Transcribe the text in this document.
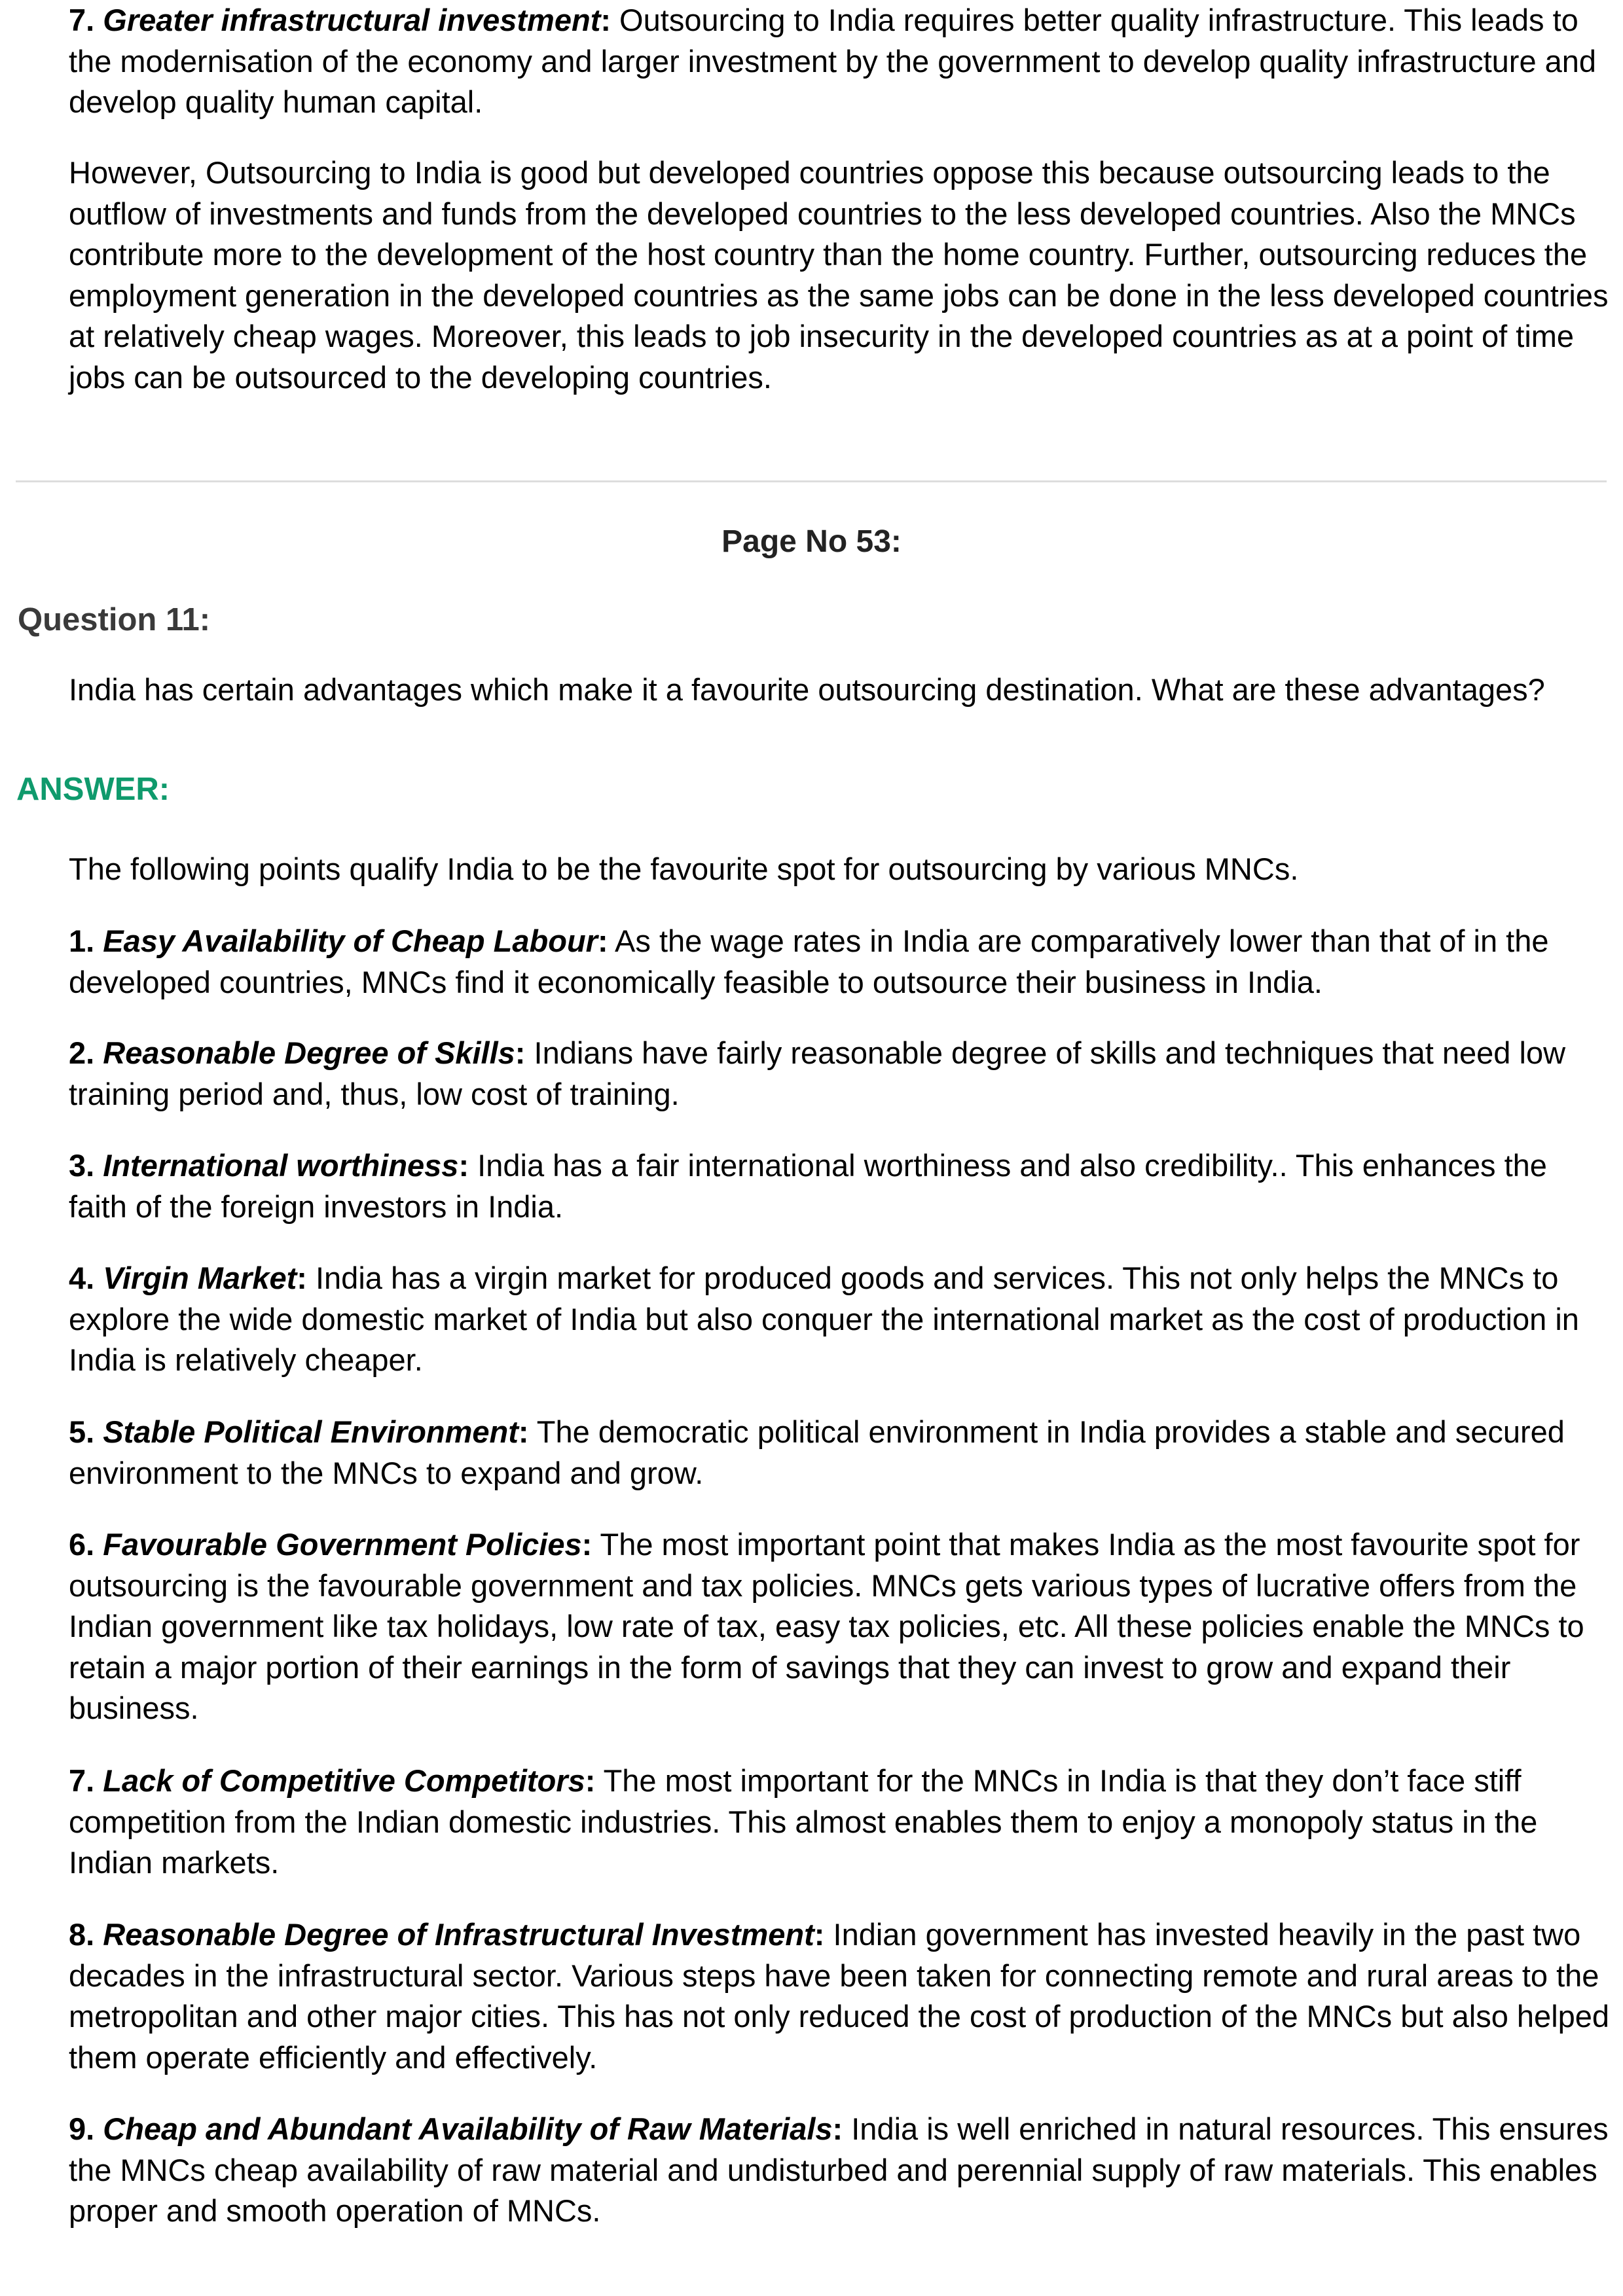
7. Greater infrastructural investment: Outsourcing to India requires better quality infrastructure. This leads to
the modernisation of the economy and larger investment by the government to develop quality infrastructure and
develop quality human capital.
However, Outsourcing to India is good but developed countries oppose this because outsourcing leads to the
outflow of investments and funds from the developed countries to the less developed countries. Also the MNCs
contribute more to the development of the host country than the home country. Further, outsourcing reduces the
employment generation in the developed countries as the same jobs can be done in the less developed countries
at relatively cheap wages. Moreover, this leads to job insecurity in the developed countries as at a point of time
jobs can be outsourced to the developing countries.
Page No 53:
Question 11:
India has certain advantages which make it a favourite outsourcing destination. What are these advantages?
ANSWER:
The following points qualify India to be the favourite spot for outsourcing by various MNCs.
1. Easy Availability of Cheap Labour: As the wage rates in India are comparatively lower than that of in the
developed countries, MNCs find it economically feasible to outsource their business in India.
2. Reasonable Degree of Skills: Indians have fairly reasonable degree of skills and techniques that need low
training period and, thus, low cost of training.
3. International worthiness: India has a fair international worthiness and also credibility.. This enhances the
faith of the foreign investors in India.
4. Virgin Market: India has a virgin market for produced goods and services. This not only helps the MNCs to
explore the wide domestic market of India but also conquer the international market as the cost of production in
India is relatively cheaper.
5. Stable Political Environment: The democratic political environment in India provides a stable and secured
environment to the MNCs to expand and grow.
6. Favourable Government Policies: The most important point that makes India as the most favourite spot for
outsourcing is the favourable government and tax policies. MNCs gets various types of lucrative offers from the
Indian government like tax holidays, low rate of tax, easy tax policies, etc. All these policies enable the MNCs to
retain a major portion of their earnings in the form of savings that they can invest to grow and expand their
business.
7. Lack of Competitive Competitors: The most important for the MNCs in India is that they don’t face stiff
competition from the Indian domestic industries. This almost enables them to enjoy a monopoly status in the
Indian markets.
8. Reasonable Degree of Infrastructural Investment: Indian government has invested heavily in the past two
decades in the infrastructural sector. Various steps have been taken for connecting remote and rural areas to the
metropolitan and other major cities. This has not only reduced the cost of production of the MNCs but also helped
them operate efficiently and effectively.
9. Cheap and Abundant Availability of Raw Materials: India is well enriched in natural resources. This ensures
the MNCs cheap availability of raw material and undisturbed and perennial supply of raw materials. This enables
proper and smooth operation of MNCs.
